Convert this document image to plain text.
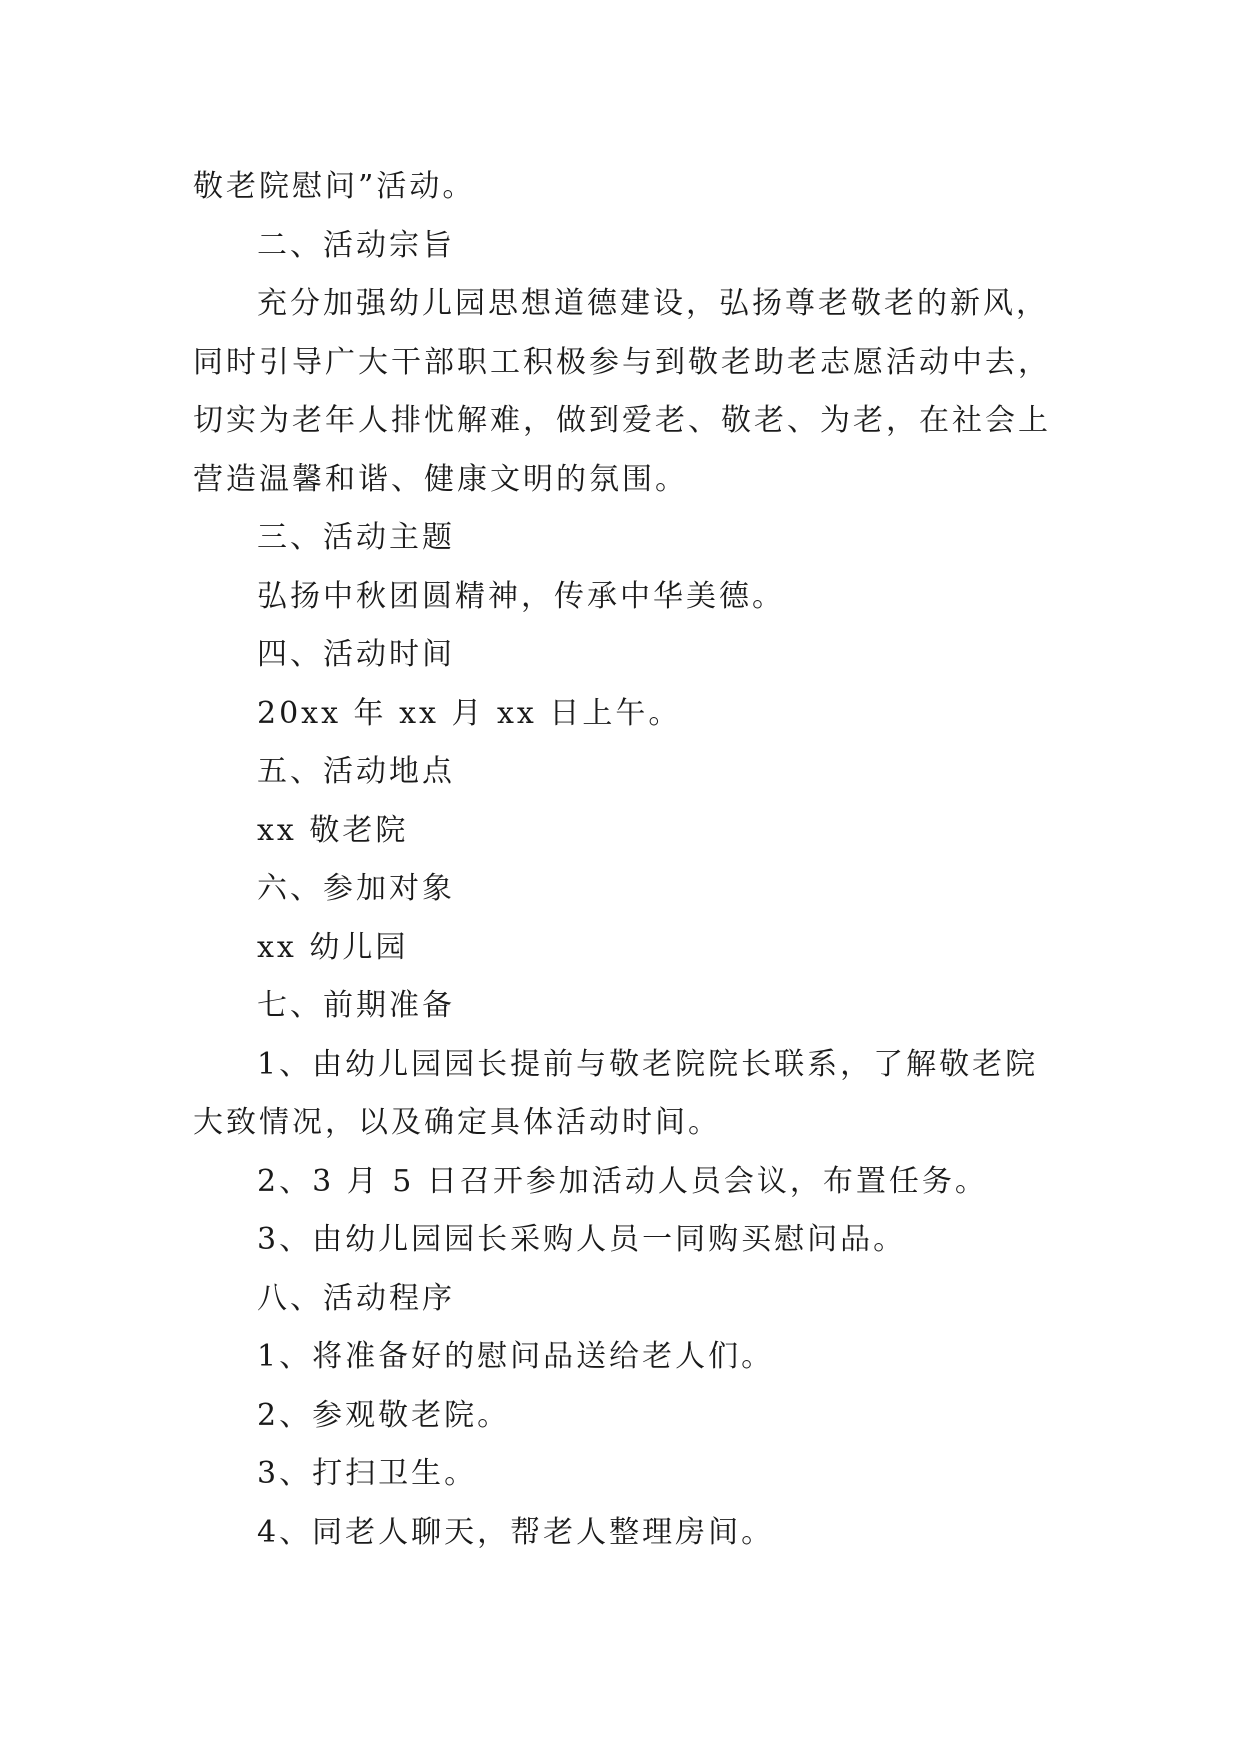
敬老院慰问”活动。
二、活动宗旨
充分加强幼儿园思想道德建设，弘扬尊老敬老的新风，
同时引导广大干部职工积极参与到敬老助老志愿活动中去，
切实为老年人排忧解难，做到爱老、敬老、为老，在社会上
营造温馨和谐、健康文明的氛围。
三、活动主题
弘扬中秋团圆精神，传承中华美德。
四、活动时间
20xx 年 xx 月 xx 日上午。
五、活动地点
xx 敬老院
六、参加对象
xx 幼儿园
七、前期准备
1、由幼儿园园长提前与敬老院院长联系，了解敬老院
大致情况，以及确定具体活动时间。
2、3 月 5 日召开参加活动人员会议，布置任务。
3、由幼儿园园长采购人员一同购买慰问品。
八、活动程序
1、将准备好的慰问品送给老人们。
2、参观敬老院。
3、打扫卫生。
4、同老人聊天，帮老人整理房间。
